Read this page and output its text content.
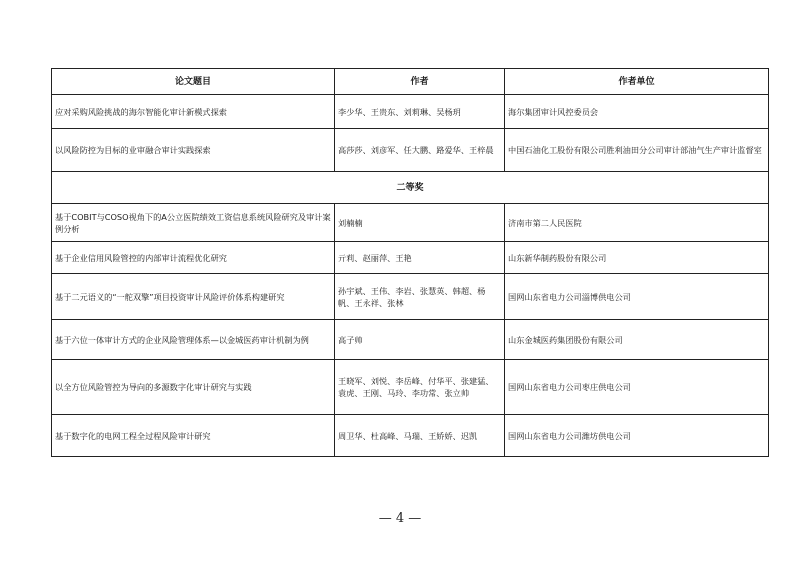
论文题目	作者	作者单位
应对采购风险挑战的海尔智能化审计新模式探索	李少华、王贵东、刘莉琳、吴杨玥	海尔集团审计风控委员会
以风险防控为目标的业审融合审计实践探索	高莎莎、刘彦军、任大鹏、路爱华、王梓晨	中国石油化工股份有限公司胜利油田分公司审计部油气生产审计监督室
二等奖		
基于COBIT与COSO视角下的A公立医院绩效工资信息系统风险研究及审计案例分析	刘楠楠	济南市第二人民医院
基于企业信用风险管控的内部审计流程优化研究	亓莉、赵丽萍、王艳	山东新华制药股份有限公司
基于二元语义的“一舵双擎”项目投资审计风险评价体系构建研究	孙宇斌、王伟、李岩、张慧英、韩超、杨帆、王永祥、张林	国网山东省电力公司淄博供电公司
基于六位一体审计方式的企业风险管理体系—以金城医药审计机制为例	高子帅	山东金城医药集团股份有限公司
以全方位风险管控为导向的多源数字化审计研究与实践	王晓军、刘悦、李岳峰、付华平、张建猛、袁虎、王刚、马玲、李功常、张立帅	国网山东省电力公司枣庄供电公司
基于数字化的电网工程全过程风险审计研究	周卫华、杜高峰、马瑞、王娇娇、迟凯	国网山东省电力公司潍坊供电公司
— 4 —
